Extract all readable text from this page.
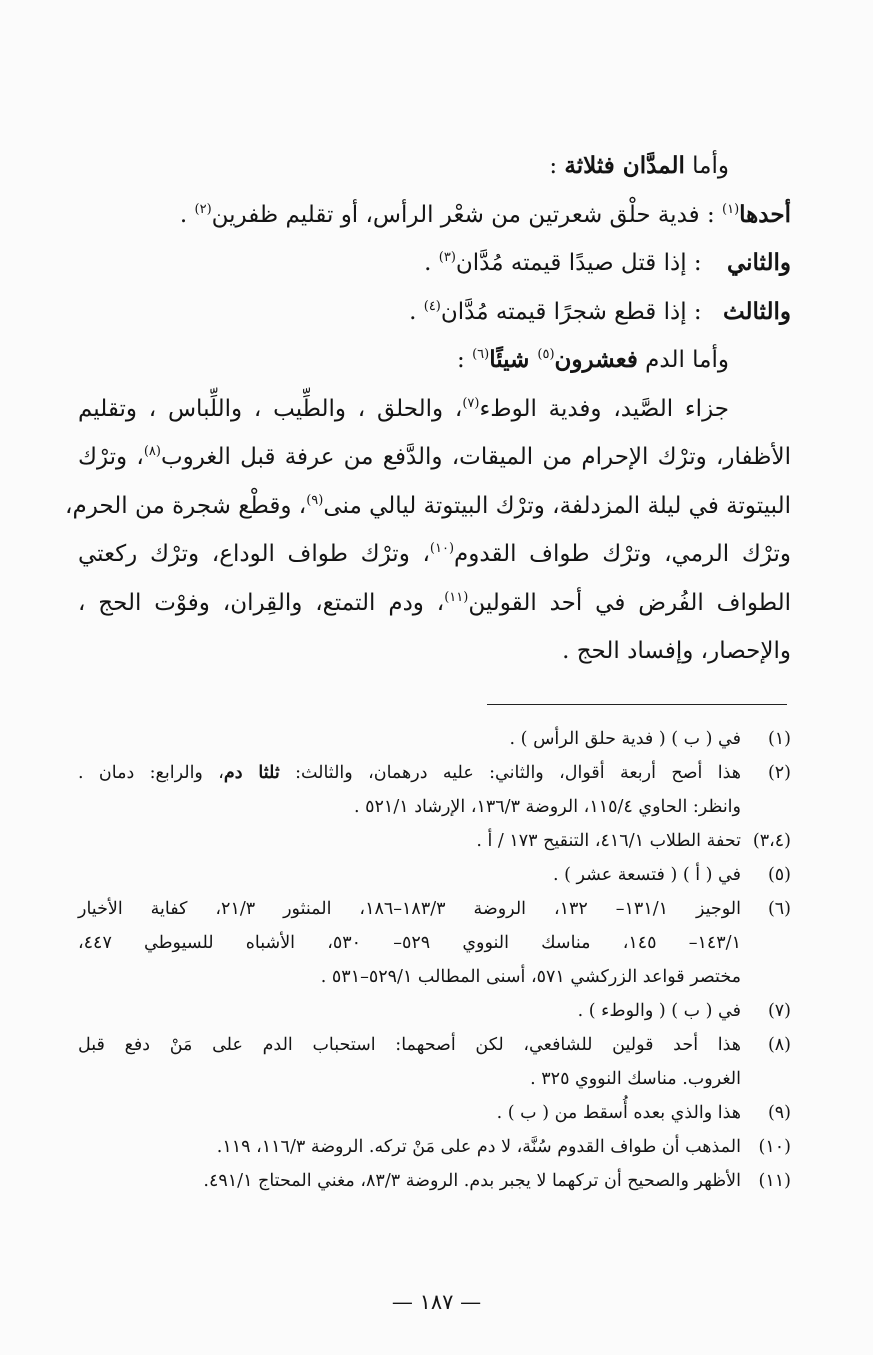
وأما المدَّان فثلاثة :
أحدها$^{(١)}$ : فدية حلْق شعرتين من شعْر الرأس، أو تقليم ظفرين$^{(٢)}$ .
والثاني : إذا قتل صيدًا قيمته مُدَّان$^{(٣)}$ .
والثالث : إذا قطع شجرًا قيمته مُدَّان$^{(٤)}$ .
وأما الدم فعشرون$^{(٥)}$ شيئًا$^{(٦)}$ :
جزاء الصَّيد، وفدية الوطء$^{(٧)}$، والحلق ، والطِّيب ، واللِّباس ، وتقليم
الأظفار، وترْك الإحرام من الميقات، والدَّفع من عرفة قبل الغروب$^{(٨)}$، وترْك
البيتوتة في ليلة المزدلفة، وترْك البيتوتة ليالي منى$^{(٩)}$، وقطْع شجرة من الحرم،
وترْك الرمي، وترْك طواف القدوم$^{(١٠)}$، وترْك طواف الوداع، وترْك ركعتي
الطواف الفُرض في أحد القولين$^{(١١)}$، ودم التمتع، والقِران، وفوْت الحج ،
والإحصار، وإفساد الحج .
(١)
في ( ب ) ( فدية حلق الرأس ) .
(٢)
هذا أصح أربعة أقوال، والثاني: عليه درهمان، والثالث: ثلثا دم، والرابع: دمان .
وانظر: الحاوي ١١٥/٤، الروضة ١٣٦/٣، الإرشاد ٥٢١/١ .
(٣،٤)
تحفة الطلاب ٤١٦/١، التنقيح ١٧٣ / أ .
(٥)
في ( أ ) ( فتسعة عشر ) .
(٦)
الوجيز ١٣١/١– ١٣٢، الروضة ١٨٣/٣–١٨٦، المنثور ٢١/٣، كفاية الأخيار
١٤٣/١– ١٤٥، مناسك النووي ٥٢٩– ٥٣٠، الأشباه للسيوطي ٤٤٧،
مختصر قواعد الزركشي ٥٧١، أسنى المطالب ٥٢٩/١–٥٣١ .
(٧)
في ( ب ) ( والوطء ) .
(٨)
هذا أحد قولين للشافعي، لكن أصحهما: استحباب الدم على مَنْ دفع قبل
الغروب. مناسك النووي ٣٢٥ .
(٩)
هذا والذي بعده أُسقط من ( ب ) .
(١٠)
المذهب أن طواف القدوم سُنَّة، لا دم على مَنْ تركه. الروضة ١١٦/٣، ١١٩.
(١١)
الأظهر والصحيح أن تركهما لا يجبر بدم. الروضة ٨٣/٣، مغني المحتاج ٤٩١/١.
— ١٨٧ —
